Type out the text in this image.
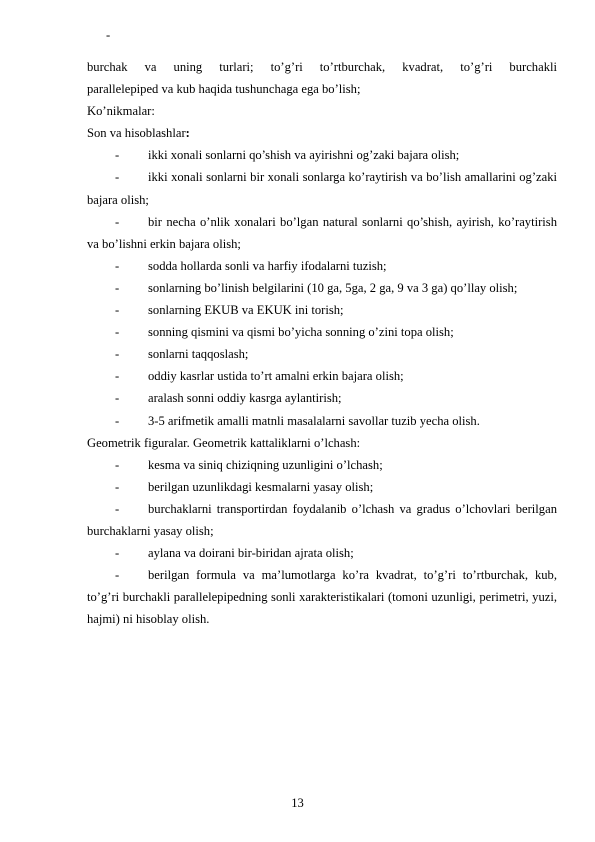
-

burchak va uning turlari; to’g’ri to’rtburchak, kvadrat, to’g’ri burchakli

parallelepiped va kub haqida tushunchaga ega bo’lish;

Ko’nikmalar:

Son va hisoblashlar:

- ikki xonali sonlarni qo’shish va ayirishni og’zaki bajara olish;

- ikki xonali sonlarni bir xonali sonlarga ko’raytirish va bo’lish amallarini og’zaki bajara olish;

- bir necha o’nlik xonalari bo’lgan natural sonlarni qo’shish, ayirish, ko’raytirish va bo’lishni erkin bajara olish;

- sodda hollarda sonli va harfiy ifodalarni tuzish;

- sonlarning bo’linish belgilarini (10 ga, 5ga, 2 ga, 9 va 3 ga) qo’llay olish;

- sonlarning EKUB va EKUK ini torish;

- sonning qismini va qismi bo’yicha sonning o’zini topa olish;

- sonlarni taqqoslash;

- oddiy kasrlar ustida to’rt amalni erkin bajara olish;

- aralash sonni oddiy kasrga aylantirish;

- 3-5 arifmetik amalli matnli masalalarni savollar tuzib yecha olish.

Geometrik figuralar. Geometrik kattaliklarni o’lchash:

- kesma va siniq chiziqning uzunligini o’lchash;

- berilgan uzunlikdagi kesmalarni yasay olish;

- burchaklarni transportirdan foydalanib o’lchash va gradus o’lchovlari berilgan burchaklarni yasay olish;

- aylana va doirani bir-biridan ajrata olish;

- berilgan formula va ma’lumotlarga ko’ra kvadrat, to’g’ri to’rtburchak, kub, to’g’ri burchakli parallelepipedning sonli xarakteristikalari (tomoni uzunligi, perimetri, yuzi, hajmi) ni hisoblay olish.

13
